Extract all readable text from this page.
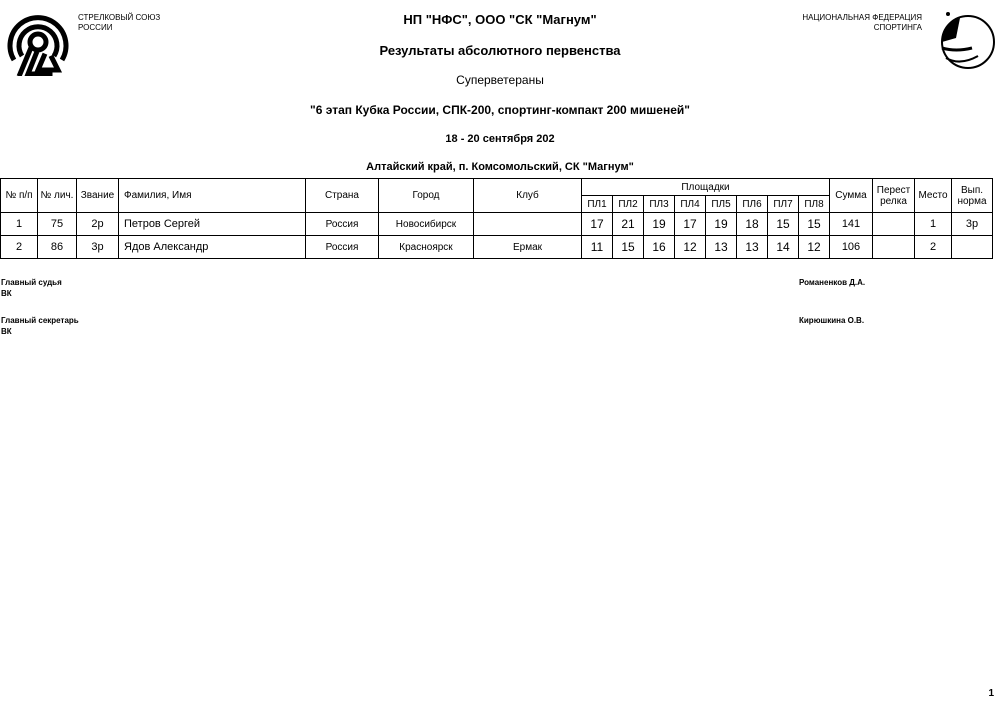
СТРЕЛКОВЫЙ СОЮЗ
РОССИИ
НАЦИОНАЛЬНАЯ ФЕДЕРАЦИЯ
СПОРТИНГА
НП "НФС", ООО "СК "Магнум"
Результаты абсолютного первенства
Суперветераны
"6 этап Кубка России, СПК-200, спортинг-компакт 200 мишеней"
18 - 20 сентября 202
Алтайский край, п. Комсомольский, СК "Магнум"
№ п/п	№ лич.	Звание	Фамилия, Имя	Страна	Город	Клуб	Площадки								Сумма	Перест релка	Место	Вып. норма
							ПЛ1	ПЛ2	ПЛ3	ПЛ4	ПЛ5	ПЛ6	ПЛ7	ПЛ8				
1	75	2р	Петров Сергей	Россия	Новосибирск		17	21	19	17	19	18	15	15	141		1	3р
2	86	3р	Ядов Александр	Россия	Красноярск	Ермак	11	15	16	12	13	13	14	12	106		2	
Главный судья
ВК
Романенков Д.А.
Главный секретарь
ВК
Кирюшкина О.В.
1
